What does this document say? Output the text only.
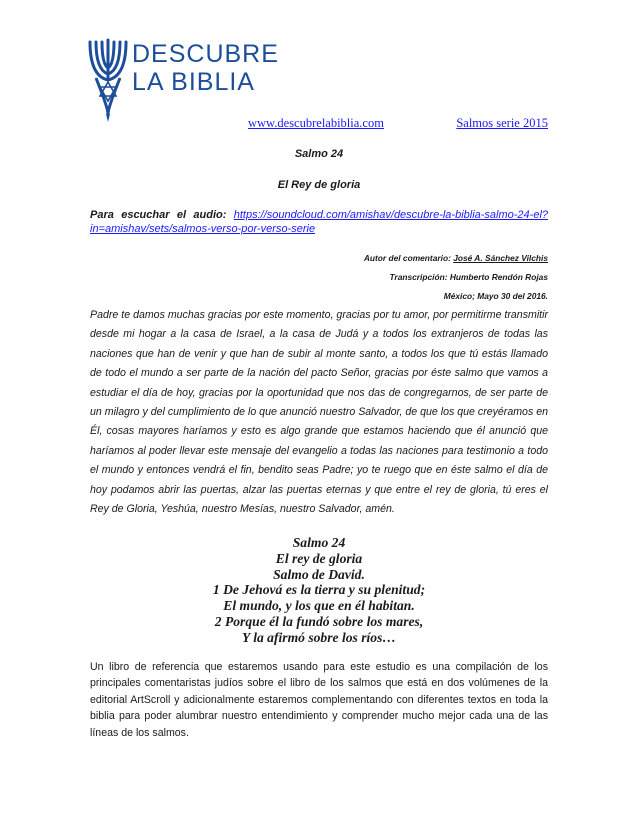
DESCUBRE
LA BIBLIA
www.descubrelabiblia.com	Salmos serie 2015
Salmo 24
El Rey de gloria
Para escuchar el audio: https://soundcloud.com/amishav/descubre-la-biblia-salmo-24-el?in=amishav/sets/salmos-verso-por-verso-serie
Autor del comentario: José A. Sánchez Vilchis
Transcripción: Humberto Rendón Rojas
México; Mayo 30 del 2016.

Padre te damos muchas gracias por este momento, gracias por tu amor, por permitirme transmitir desde mi hogar a la casa de Israel, a la casa de Judá y a todos los extranjeros de todas las naciones que han de venir y que han de subir al monte santo, a todos los que tú estás llamado de todo el mundo a ser parte de la nación del pacto Señor, gracias por éste salmo que vamos a estudiar el día de hoy, gracias por la oportunidad que nos das de congregarnos, de ser parte de un milagro y del cumplimiento de lo que anunció nuestro Salvador, de que los que creyéramos en Él, cosas mayores haríamos y esto es algo grande que estamos haciendo que él anunció que haríamos al poder llevar este mensaje del evangelio a todas las naciones para testimonio a todo el mundo y entonces vendrá el fin, bendito seas Padre; yo te ruego que en éste salmo el día de hoy podamos abrir las puertas, alzar las puertas eternas y que entre el rey de gloria, tú eres el Rey de Gloria, Yeshúa, nuestro Mesías, nuestro Salvador, amén.

Salmo 24
El rey de gloria
Salmo de David.
1 De Jehová es la tierra y su plenitud;
El mundo, y los que en él habitan.
2 Porque él la fundó sobre los mares,
Y la afirmó sobre los ríos…

Un libro de referencia que estaremos usando para este estudio es una compilación de los principales comentaristas judíos sobre el libro de los salmos que está en dos volúmenes de la editorial ArtScroll y adicionalmente estaremos complementando con diferentes textos en toda la biblia para poder alumbrar nuestro entendimiento y comprender mucho mejor cada una de las líneas de los salmos.
